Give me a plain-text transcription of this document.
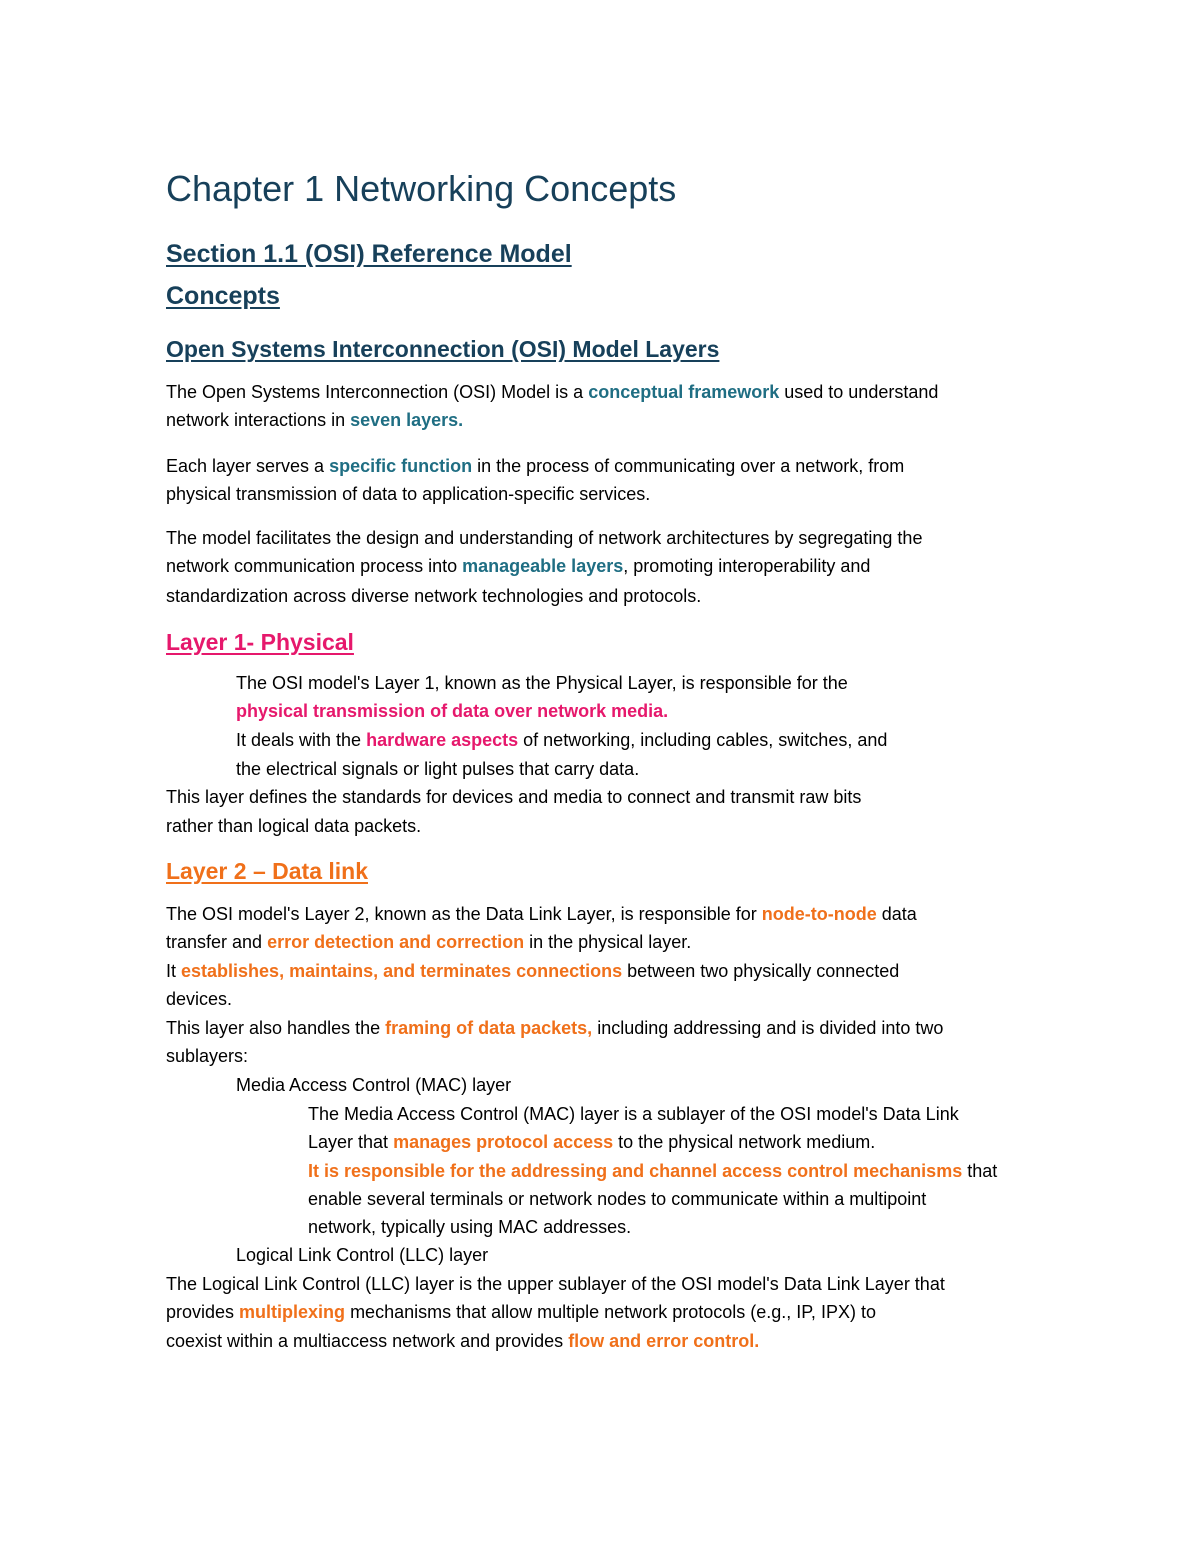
Chapter 1 Networking Concepts
Section 1.1 (OSI) Reference Model
Concepts
Open Systems Interconnection (OSI) Model Layers

The Open Systems Interconnection (OSI) Model is a conceptual framework used to understand

network interactions in seven layers.

Each layer serves a specific function in the process of communicating over a network, from

physical transmission of data to application-specific services.

The model facilitates the design and understanding of network architectures by segregating the

network communication process into manageable layers, promoting interoperability and

standardization across diverse network technologies and protocols.

Layer 1- Physical

The OSI model's Layer 1, known as the Physical Layer, is responsible for the

physical transmission of data over network media.

It deals with the hardware aspects of networking, including cables, switches, and

the electrical signals or light pulses that carry data.

This layer defines the standards for devices and media to connect and transmit raw bits

rather than logical data packets.

Layer 2 – Data link

The OSI model's Layer 2, known as the Data Link Layer, is responsible for node-to-node data

transfer and error detection and correction in the physical layer.

It establishes, maintains, and terminates connections between two physically connected

devices.

This layer also handles the framing of data packets, including addressing and is divided into two

sublayers:

Media Access Control (MAC) layer

The Media Access Control (MAC) layer is a sublayer of the OSI model's Data Link

Layer that manages protocol access to the physical network medium.

It is responsible for the addressing and channel access control mechanisms that

enable several terminals or network nodes to communicate within a multipoint

network, typically using MAC addresses.

Logical Link Control (LLC) layer

The Logical Link Control (LLC) layer is the upper sublayer of the OSI model's Data Link Layer that

provides multiplexing mechanisms that allow multiple network protocols (e.g., IP, IPX) to

coexist within a multiaccess network and provides flow and error control.
